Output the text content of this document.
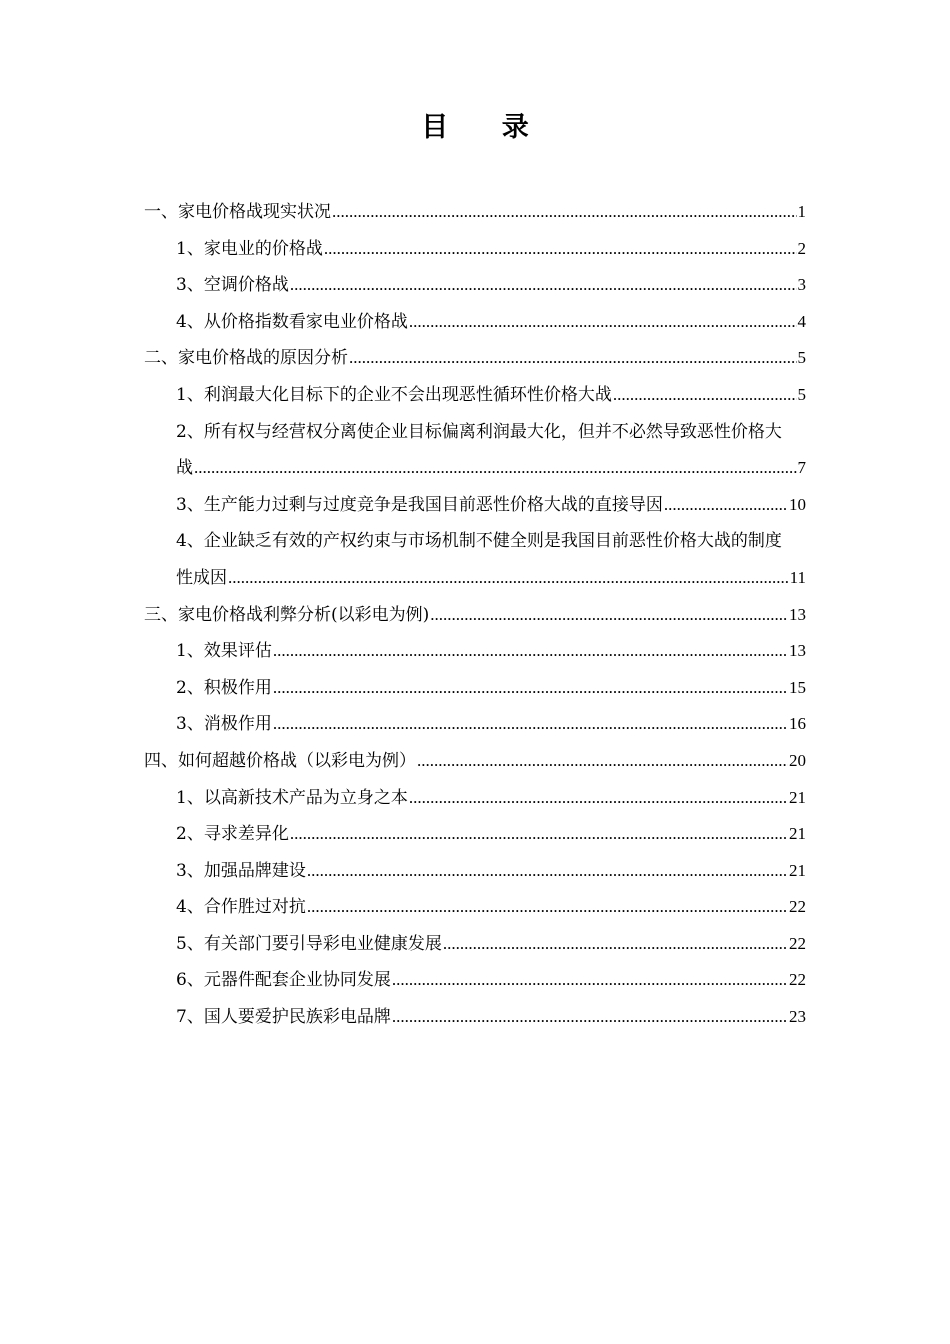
目 录
一、家电价格战现实状况 .....	1
1、家电业的价格战 .....	2
3、空调价格战 .....	3
4、从价格指数看家电业价格战 .....	4
二、家电价格战的原因分析 .....	5
1、利润最大化目标下的企业不会出现恶性循环性价格大战 .....	5
2、所有权与经营权分离使企业目标偏离利润最大化，但并不必然导致恶性价格大
战 .....	7
3、生产能力过剩与过度竞争是我国目前恶性价格大战的直接导因 .....	10
4、企业缺乏有效的产权约束与市场机制不健全则是我国目前恶性价格大战的制度
性成因 .....	11
三、家电价格战利弊分析(以彩电为例) .....	13
1、效果评估 .....	13
2、积极作用 .....	15
3、消极作用 .....	16
四、如何超越价格战（以彩电为例） .....	20
1、以高新技术产品为立身之本 .....	21
2、寻求差异化 .....	21
3、加强品牌建设 .....	21
4、合作胜过对抗 .....	22
5、有关部门要引导彩电业健康发展 .....	22
6、元器件配套企业协同发展 .....	22
7、国人要爱护民族彩电品牌 .....	23
